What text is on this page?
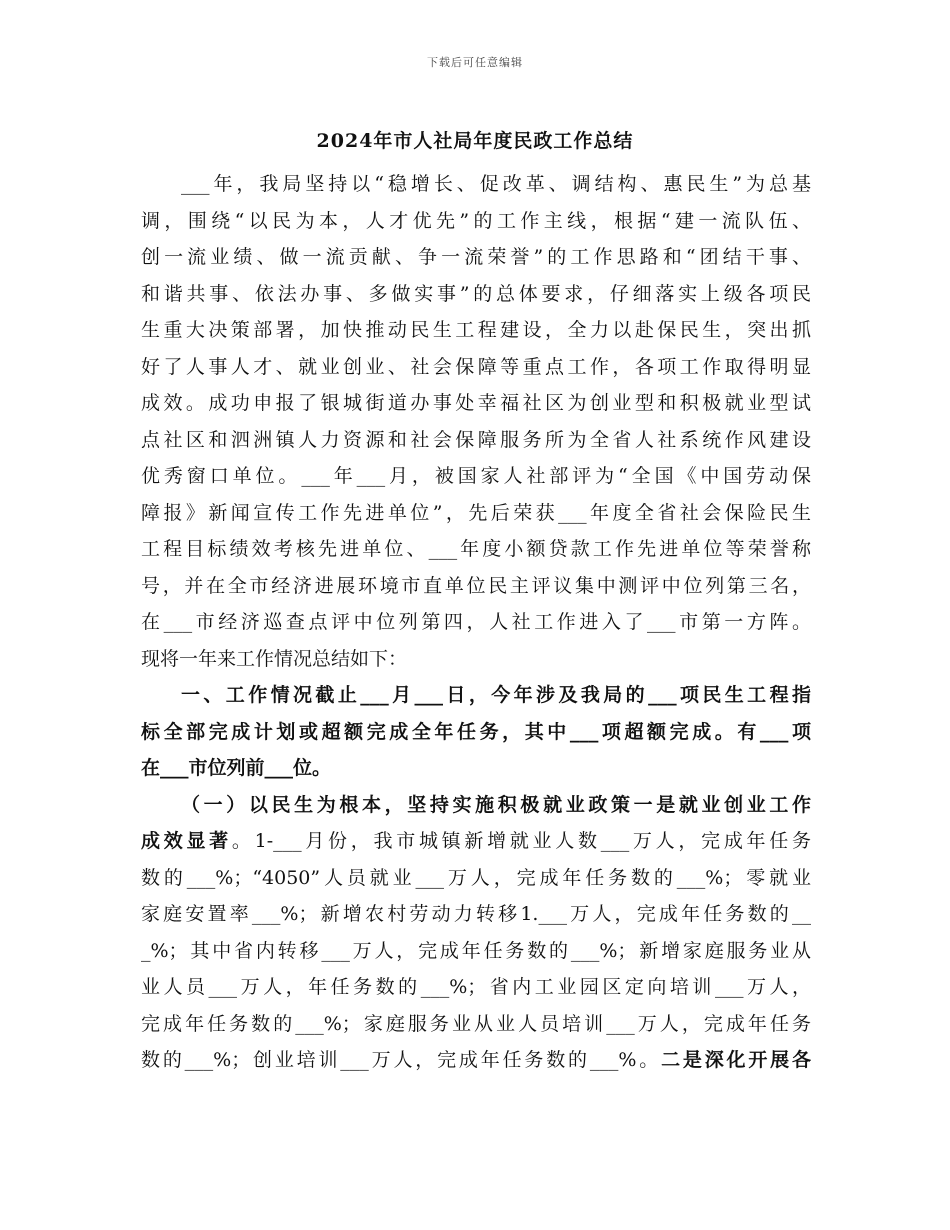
下载后可任意编辑
2024年市人社局年度民政工作总结
___年，我局坚持以“稳增长、促改革、调结构、惠民生”为总基
调，围绕“以民为本，人才优先”的工作主线，根据“建一流队伍、
创一流业绩、做一流贡献、争一流荣誉”的工作思路和“团结干事、
和谐共事、依法办事、多做实事”的总体要求，仔细落实上级各项民
生重大决策部署，加快推动民生工程建设，全力以赴保民生，突出抓
好了人事人才、就业创业、社会保障等重点工作，各项工作取得明显
成效。成功申报了银城街道办事处幸福社区为创业型和积极就业型试
点社区和泗洲镇人力资源和社会保障服务所为全省人社系统作风建设
优秀窗口单位。___年___月，被国家人社部评为“全国《中国劳动保
障报》新闻宣传工作先进单位”，先后荣获___年度全省社会保险民生
工程目标绩效考核先进单位、___年度小额贷款工作先进单位等荣誉称
号，并在全市经济进展环境市直单位民主评议集中测评中位列第三名，
在___市经济巡查点评中位列第四，人社工作进入了___市第一方阵。
现将一年来工作情况总结如下：
一、工作情况截止___月___日，今年涉及我局的___项民生工程指
标全部完成计划或超额完成全年任务，其中___项超额完成。有___项
在___市位列前___位。
（一）以民生为根本，坚持实施积极就业政策一是就业创业工作
成效显著。1-___月份，我市城镇新增就业人数___万人，完成年任务
数的___%；“4050”人员就业___万人，完成年任务数的___%；零就业
家庭安置率___%；新增农村劳动力转移1.___万人，完成年任务数的__
_%；其中省内转移___万人，完成年任务数的___%；新增家庭服务业从
业人员___万人，年任务数的___%；省内工业园区定向培训___万人，
完成年任务数的___%；家庭服务业从业人员培训___万人，完成年任务
数的___%；创业培训___万人，完成年任务数的___%。二是深化开展各
